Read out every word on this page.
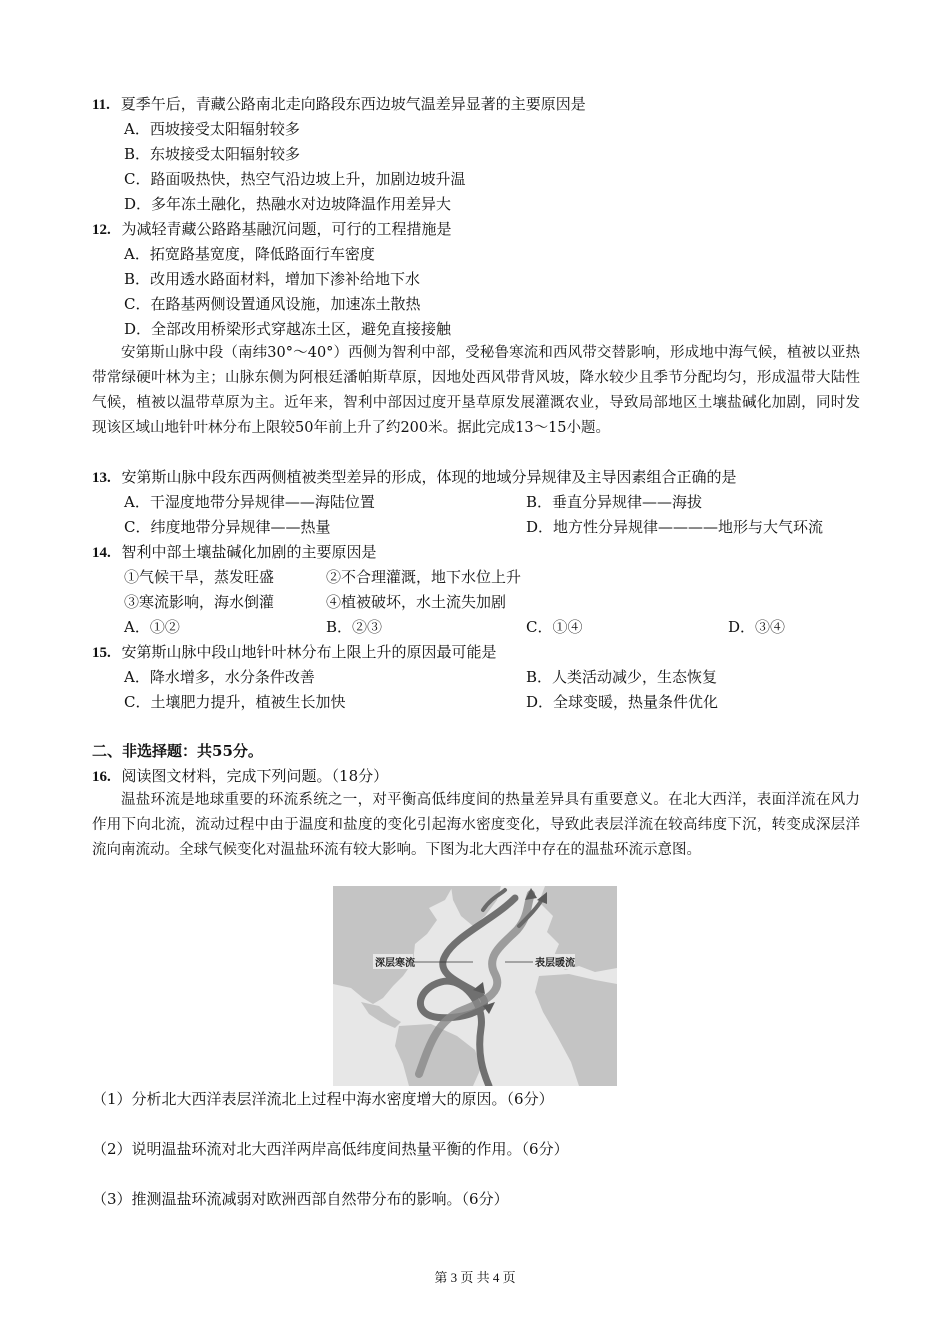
11. 夏季午后，青藏公路南北走向路段东西边坡气温差异显著的主要原因是
A．西坡接受太阳辐射较多
B．东坡接受太阳辐射较多
C．路面吸热快，热空气沿边坡上升，加剧边坡升温
D．多年冻土融化，热融水对边坡降温作用差异大
12. 为减轻青藏公路路基融沉问题，可行的工程措施是
A．拓宽路基宽度，降低路面行车密度
B．改用透水路面材料，增加下渗补给地下水
C．在路基两侧设置通风设施，加速冻土散热
D．全部改用桥梁形式穿越冻土区，避免直接接触
安第斯山脉中段（南纬30°～40°）西侧为智利中部，受秘鲁寒流和西风带交替影响，形成地中海气候，植被以亚热带常绿硬叶林为主；山脉东侧为阿根廷潘帕斯草原，因地处西风带背风坡，降水较少且季节分配均匀，形成温带大陆性气候，植被以温带草原为主。近年来，智利中部因过度开垦草原发展灌溉农业，导致局部地区土壤盐碱化加剧，同时发现该区域山地针叶林分布上限较50年前上升了约200米。据此完成13～15小题。
13. 安第斯山脉中段东西两侧植被类型差异的形成，体现的地域分异规律及主导因素组合正确的是
A．干湿度地带分异规律——海陆位置	B．垂直分异规律——海拔
C．纬度地带分异规律——热量	D．地方性分异规律————地形与大气环流
14. 智利中部土壤盐碱化加剧的主要原因是
①气候干旱，蒸发旺盛	②不合理灌溉，地下水位上升
③寒流影响，海水倒灌	④植被破坏，水土流失加剧
A．①②	B．②③	C．①④	D．③④
15. 安第斯山脉中段山地针叶林分布上限上升的原因最可能是
A．降水增多，水分条件改善	B．人类活动减少，生态恢复
C．土壤肥力提升，植被生长加快	D．全球变暖，热量条件优化
二、非选择题：共55分。
16. 阅读图文材料，完成下列问题。（18分）
温盐环流是地球重要的环流系统之一，对平衡高低纬度间的热量差异具有重要意义。在北大西洋，表面洋流在风力作用下向北流，流动过程中由于温度和盐度的变化引起海水密度变化，导致此表层洋流在较高纬度下沉，转变成深层洋流向南流动。全球气候变化对温盐环流有较大影响。下图为北大西洋中存在的温盐环流示意图。
深层寒流	表层暖流
（1）分析北大西洋表层洋流北上过程中海水密度增大的原因。（6分）
（2）说明温盐环流对北大西洋两岸高低纬度间热量平衡的作用。（6分）
（3）推测温盐环流减弱对欧洲西部自然带分布的影响。（6分）
第 3 页 共 4 页
